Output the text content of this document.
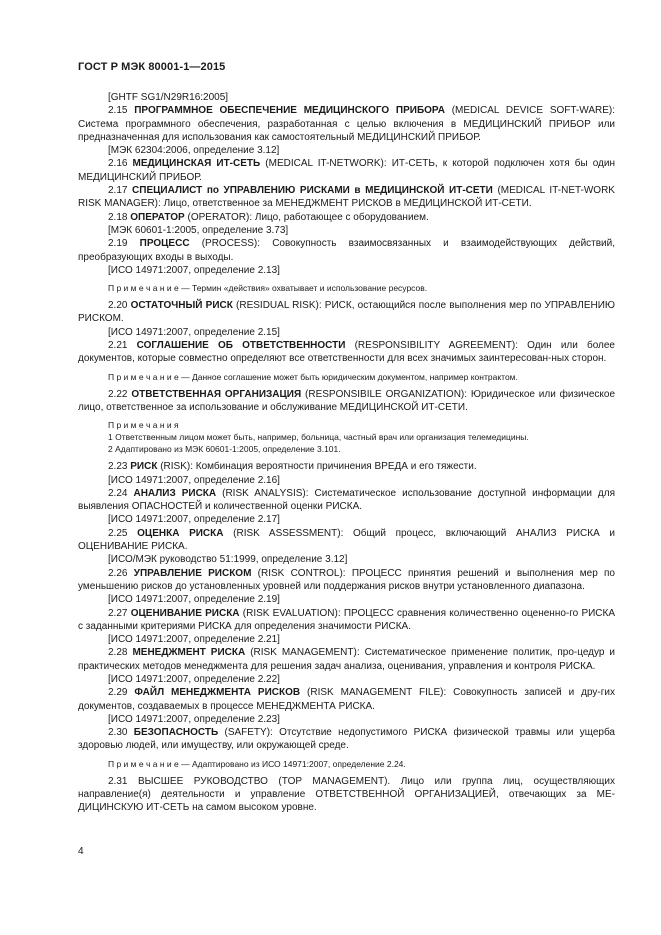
ГОСТ Р МЭК 80001-1—2015

[GHTF SG1/N29R16:2005]

2.15 ПРОГРАММНОЕ ОБЕСПЕЧЕНИЕ МЕДИЦИНСКОГО ПРИБОРА (MEDICAL DEVICE SOFT-WARE): Система программного обеспечения, разработанная с целью включения в МЕДИЦИНСКИЙ ПРИБОР или предназначенная для использования как самостоятельный МЕДИЦИНСКИЙ ПРИБОР.

[МЭК 62304:2006, определение 3.12]

2.16 МЕДИЦИНСКАЯ ИТ-СЕТЬ (MEDICAL IT-NETWORK): ИТ-СЕТЬ, к которой подключен хотя бы один МЕДИЦИНСКИЙ ПРИБОР.

2.17 СПЕЦИАЛИСТ по УПРАВЛЕНИЮ РИСКАМИ в МЕДИЦИНСКОЙ ИТ-СЕТИ (MEDICAL IT-NET-WORK RISK MANAGER): Лицо, ответственное за МЕНЕДЖМЕНТ РИСКОВ в МЕДИЦИНСКОЙ ИТ-СЕТИ.

2.18 ОПЕРАТОР (OPERATOR): Лицо, работающее с оборудованием.

[МЭК 60601-1:2005, определение 3.73]

2.19 ПРОЦЕСС (PROCESS): Совокупность взаимосвязанных и взаимодействующих действий, преобразующих входы в выходы.

[ИСО 14971:2007, определение 2.13]

П р и м е ч а н и е — Термин «действия» охватывает и использование ресурсов.

2.20 ОСТАТОЧНЫЙ РИСК (RESIDUAL RISK): РИСК, остающийся после выполнения мер по УПРАВЛЕНИЮ РИСКОМ.

[ИСО 14971:2007, определение 2.15]

2.21 СОГЛАШЕНИЕ ОБ ОТВЕТСТВЕННОСТИ (RESPONSIBILITY AGREEMENT): Один или более документов, которые совместно определяют все ответственности для всех значимых заинтересован-ных сторон.

П р и м е ч а н и е — Данное соглашение может быть юридическим документом, например контрактом.

2.22 ОТВЕТСТВЕННАЯ ОРГАНИЗАЦИЯ (RESPONSIBILE ORGANIZATION): Юридическое или физическое лицо, ответственное за использование и обслуживание МЕДИЦИНСКОЙ ИТ-СЕТИ.

П р и м е ч а н и я
1 Ответственным лицом может быть, например, больница, частный врач или организация телемедицины.
2 Адаптировано из МЭК 60601-1:2005, определение 3.101.

2.23 РИСК (RISK): Комбинация вероятности причинения ВРЕДА и его тяжести.

[ИСО 14971:2007, определение 2.16]

2.24 АНАЛИЗ РИСКА (RISK ANALYSIS): Систематическое использование доступной информации для выявления ОПАСНОСТЕЙ и количественной оценки РИСКА.

[ИСО 14971:2007, определение 2.17]

2.25 ОЦЕНКА РИСКА (RISK ASSESSMENT): Общий процесс, включающий АНАЛИЗ РИСКА и ОЦЕНИВАНИЕ РИСКА.

[ИСО/МЭК руководство 51:1999, определение 3.12]

2.26 УПРАВЛЕНИЕ РИСКОМ (RISK CONTROL): ПРОЦЕСС принятия решений и выполнения мер по уменьшению рисков до установленных уровней или поддержания рисков внутри установленного диапазона.

[ИСО 14971:2007, определение 2.19]

2.27 ОЦЕНИВАНИЕ РИСКА (RISK EVALUATION): ПРОЦЕСС сравнения количественно оцененно-го РИСКА с заданными критериями РИСКА для определения значимости РИСКА.

[ИСО 14971:2007, определение 2.21]

2.28 МЕНЕДЖМЕНТ РИСКА (RISK MANAGEMENT): Систематическое применение политик, про-цедур и практических методов менеджмента для решения задач анализа, оценивания, управления и контроля РИСКА.

[ИСО 14971:2007, определение 2.22]

2.29 ФАЙЛ МЕНЕДЖМЕНТА РИСКОВ (RISK MANAGEMENT FILE): Совокупность записей и дру-гих документов, создаваемых в процессе МЕНЕДЖМЕНТА РИСКА.

[ИСО 14971:2007, определение 2.23]

2.30 БЕЗОПАСНОСТЬ (SAFETY): Отсутствие недопустимого РИСКА физической травмы или ущерба здоровью людей, или имуществу, или окружающей среде.

П р и м е ч а н и е — Адаптировано из ИСО 14971:2007, определение 2.24.

2.31 ВЫСШЕЕ РУКОВОДСТВО (TOP MANAGEMENT). Лицо или группа лиц, осуществляющих направление(я) деятельности и управление ОТВЕТСТВЕННОЙ ОРГАНИЗАЦИЕЙ, отвечающих за МЕ-ДИЦИНСКУЮ ИТ-СЕТЬ на самом высоком уровне.

4
